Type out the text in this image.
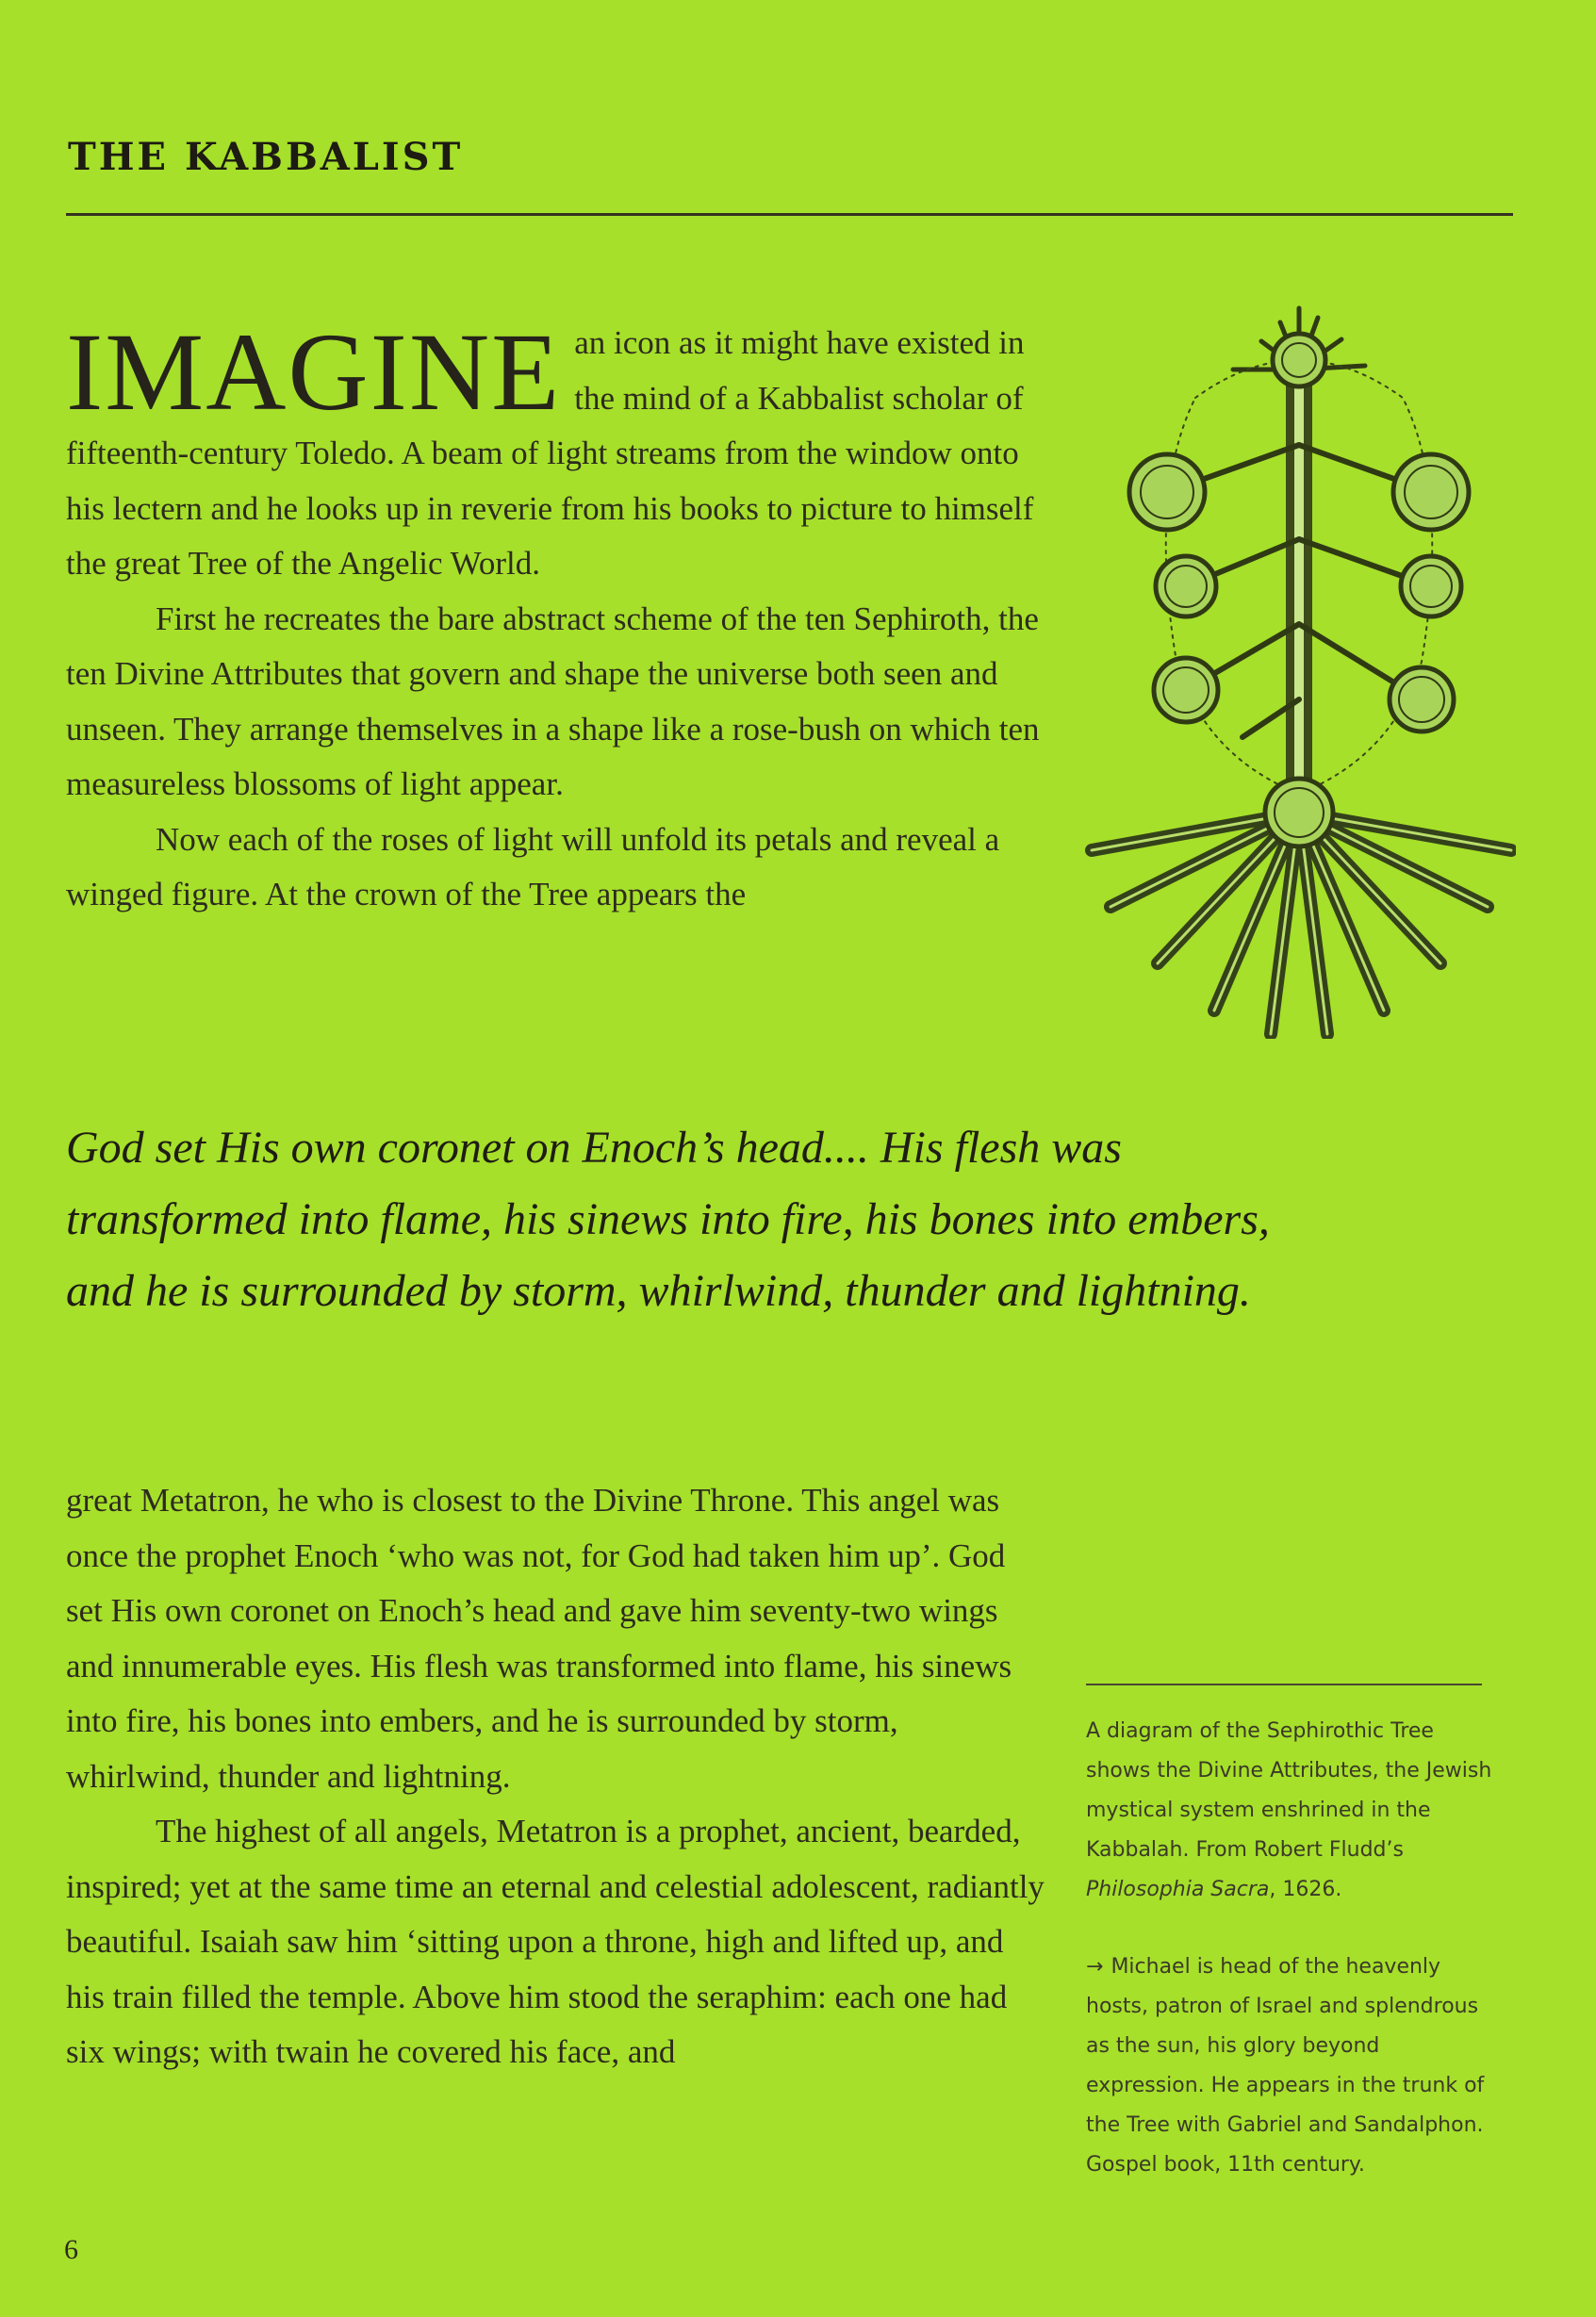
THE KABBALIST

IMAGINE an icon as it might have existed in the mind of a Kabbalist scholar of fifteenth-century Toledo. A beam of light streams from the window onto his lectern and he looks up in reverie from his books to picture to himself the great Tree of the Angelic World.

First he recreates the bare abstract scheme of the ten Sephiroth, the ten Divine Attributes that govern and shape the universe both seen and unseen. They arrange themselves in a shape like a rose-bush on which ten measureless blossoms of light appear.

Now each of the roses of light will unfold its petals and reveal a winged figure. At the crown of the Tree appears the

God set His own coronet on Enoch’s head.... His flesh was transformed into flame, his sinews into fire, his bones into embers, and he is surrounded by storm, whirlwind, thunder and lightning.

great Metatron, he who is closest to the Divine Throne. This angel was once the prophet Enoch ‘who was not, for God had taken him up’. God set His own coronet on Enoch’s head and gave him seventy-two wings and innumerable eyes. His flesh was transformed into flame, his sinews into fire, his bones into embers, and he is surrounded by storm, whirlwind, thunder and lightning.

The highest of all angels, Metatron is a prophet, ancient, bearded, inspired; yet at the same time an eternal and celestial adolescent, radiantly beautiful. Isaiah saw him ‘sitting upon a throne, high and lifted up, and his train filled the temple. Above him stood the seraphim: each one had six wings; with twain he covered his face, and

A diagram of the Sephirothic Tree shows the Divine Attributes, the Jewish mystical system enshrined in the Kabbalah. From Robert Fludd’s Philosophia Sacra, 1626.
→ Michael is head of the heavenly hosts, patron of Israel and splendrous as the sun, his glory beyond expression. He appears in the trunk of the Tree with Gabriel and Sandalphon. Gospel book, 11th century.
6
